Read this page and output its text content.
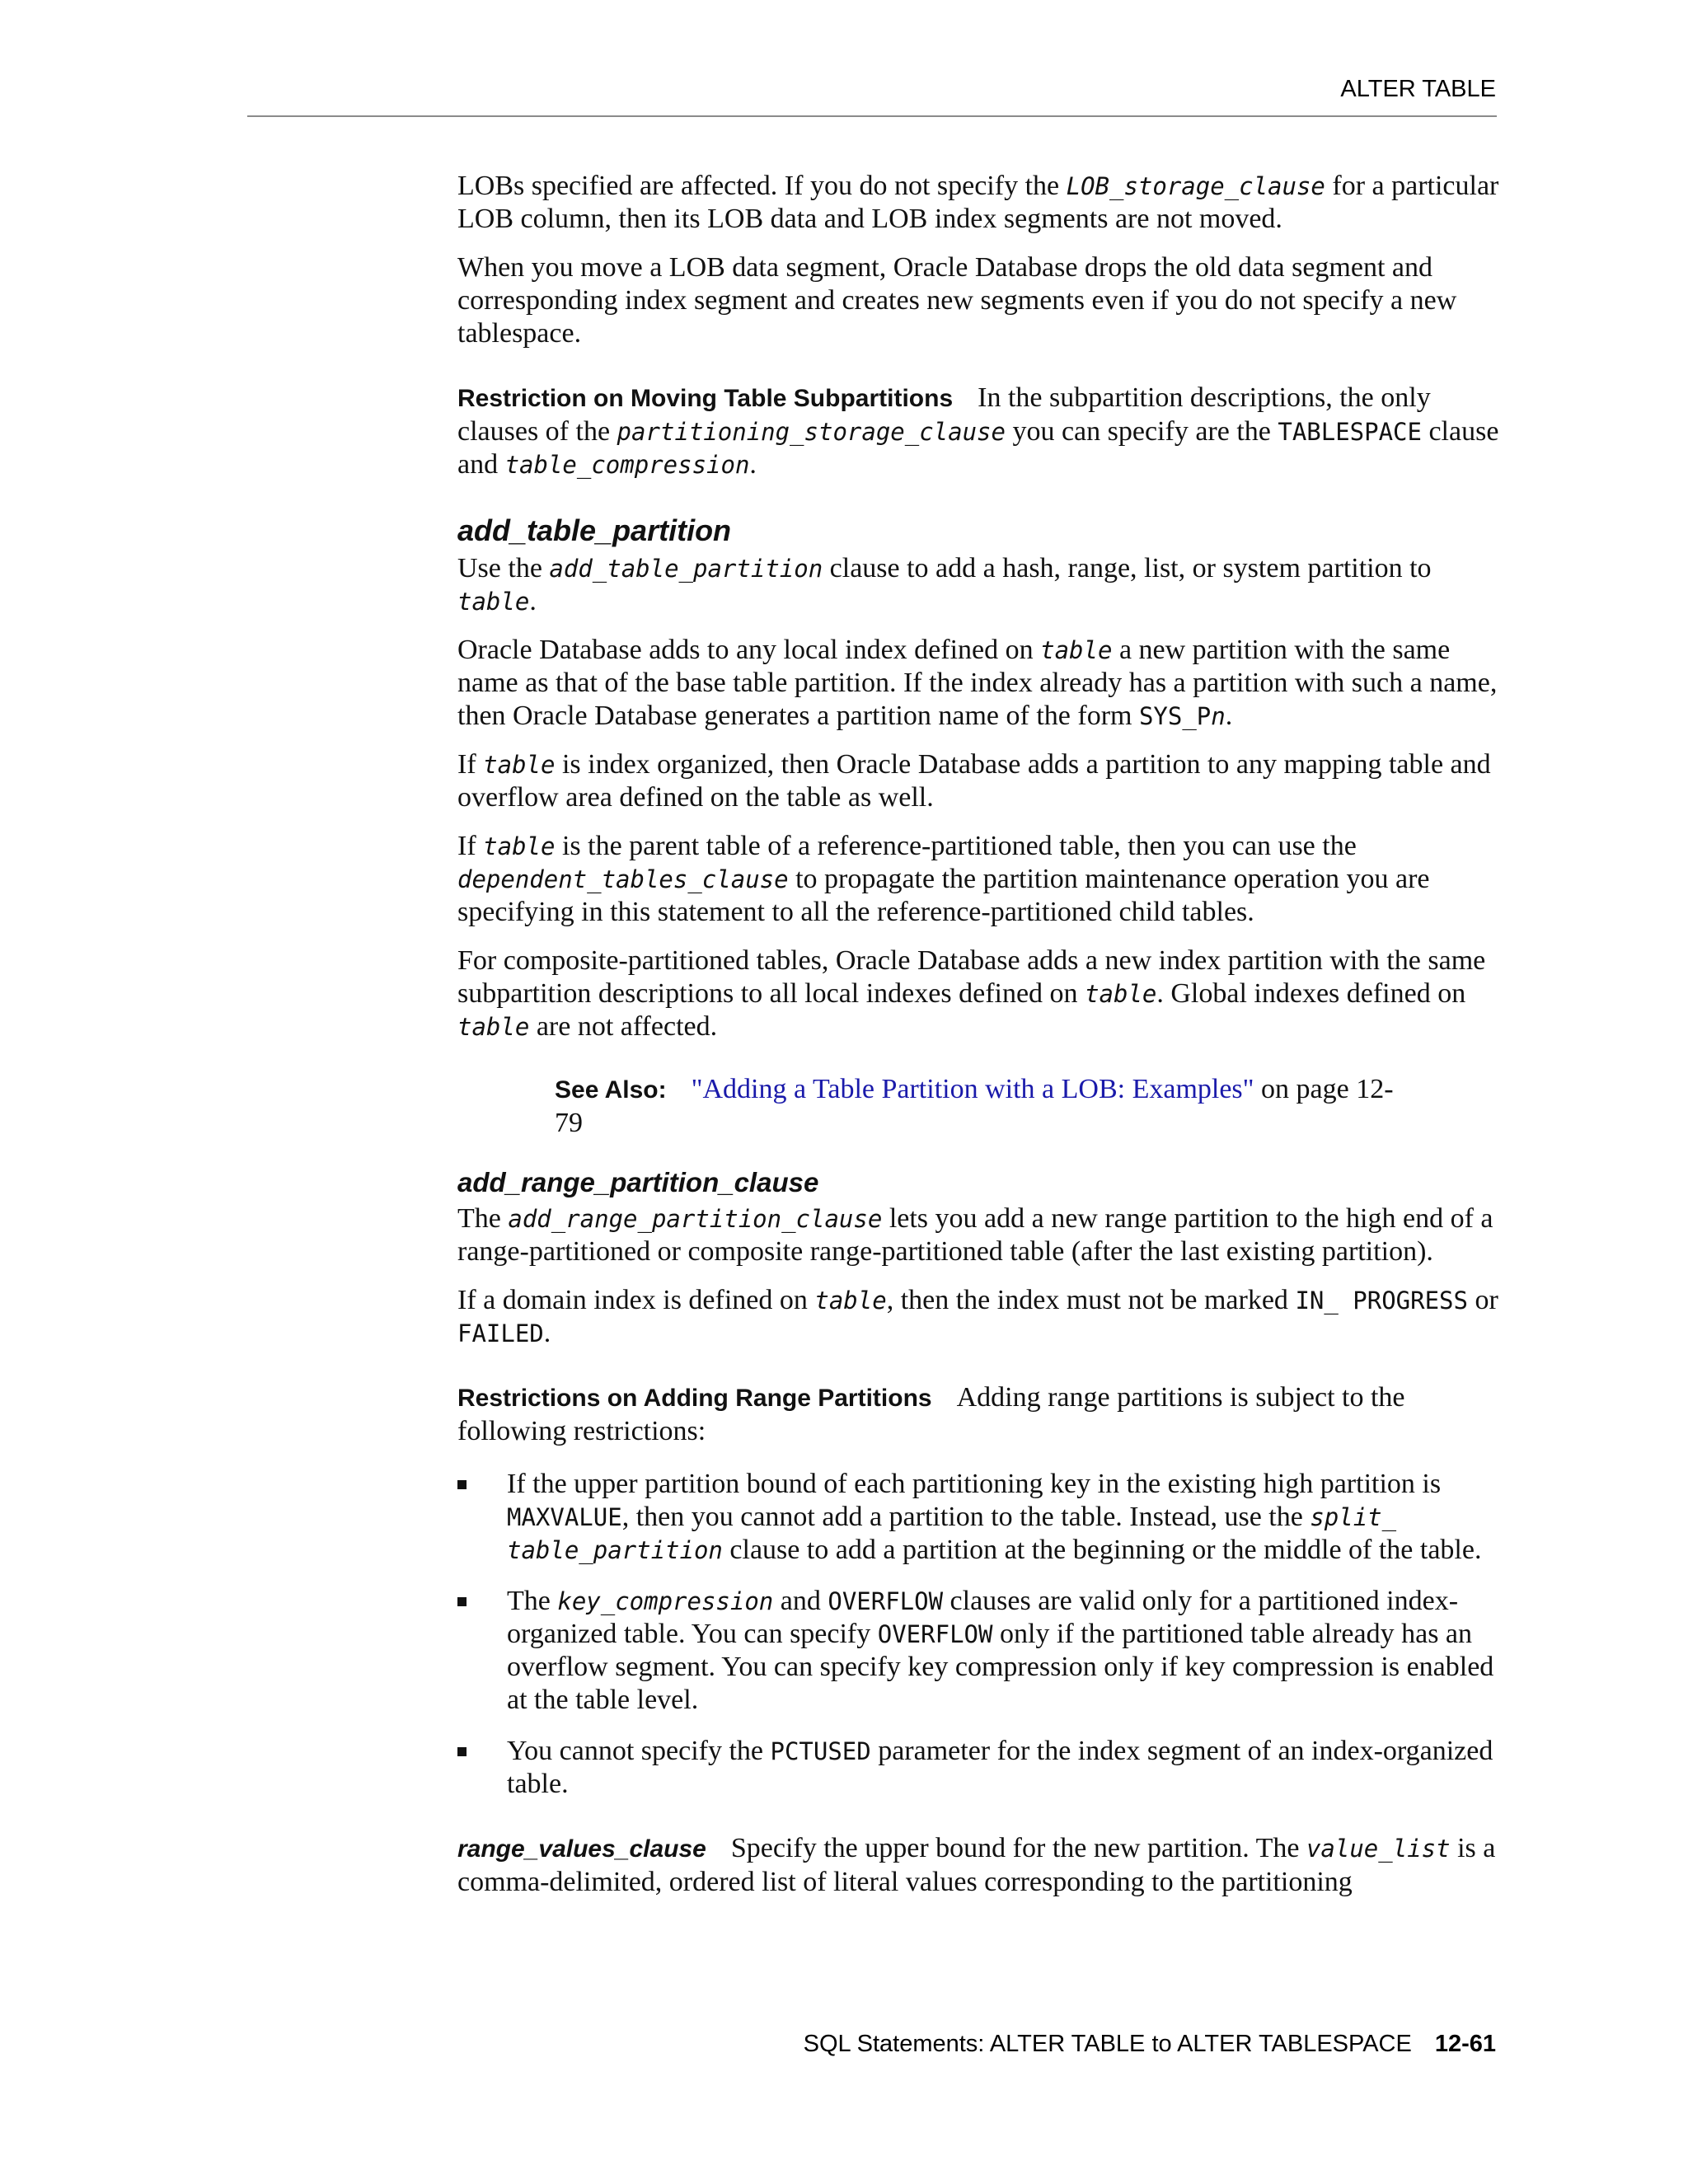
ALTER TABLE

LOBs specified are affected. If you do not specify the LOB_storage_clause for a particular LOB column, then its LOB data and LOB index segments are not moved.

When you move a LOB data segment, Oracle Database drops the old data segment and corresponding index segment and creates new segments even if you do not specify a new tablespace.

Restriction on Moving Table Subpartitions In the subpartition descriptions, the only clauses of the partitioning_storage_clause you can specify are the TABLESPACE clause and table_compression.

add_table_partition

Use the add_table_partition clause to add a hash, range, list, or system partition to table.

Oracle Database adds to any local index defined on table a new partition with the same name as that of the base table partition. If the index already has a partition with such a name, then Oracle Database generates a partition name of the form SYS_Pn.

If table is index organized, then Oracle Database adds a partition to any mapping table and overflow area defined on the table as well.

If table is the parent table of a reference-partitioned table, then you can use the dependent_tables_clause to propagate the partition maintenance operation you are specifying in this statement to all the reference-partitioned child tables.

For composite-partitioned tables, Oracle Database adds a new index partition with the same subpartition descriptions to all local indexes defined on table. Global indexes defined on table are not affected.

See Also: "Adding a Table Partition with a LOB: Examples" on page 12-79

add_range_partition_clause

The add_range_partition_clause lets you add a new range partition to the high end of a range-partitioned or composite range-partitioned table (after the last existing partition).

If a domain index is defined on table, then the index must not be marked IN_ PROGRESS or FAILED.

Restrictions on Adding Range Partitions Adding range partitions is subject to the following restrictions:

If the upper partition bound of each partitioning key in the existing high partition is MAXVALUE, then you cannot add a partition to the table. Instead, use the split_ table_partition clause to add a partition at the beginning or the middle of the table.
The key_compression and OVERFLOW clauses are valid only for a partitioned index-organized table. You can specify OVERFLOW only if the partitioned table already has an overflow segment. You can specify key compression only if key compression is enabled at the table level.
You cannot specify the PCTUSED parameter for the index segment of an index-organized table.

range_values_clause Specify the upper bound for the new partition. The value_list is a comma-delimited, ordered list of literal values corresponding to the partitioning

SQL Statements: ALTER TABLE to ALTER TABLESPACE 12-61
